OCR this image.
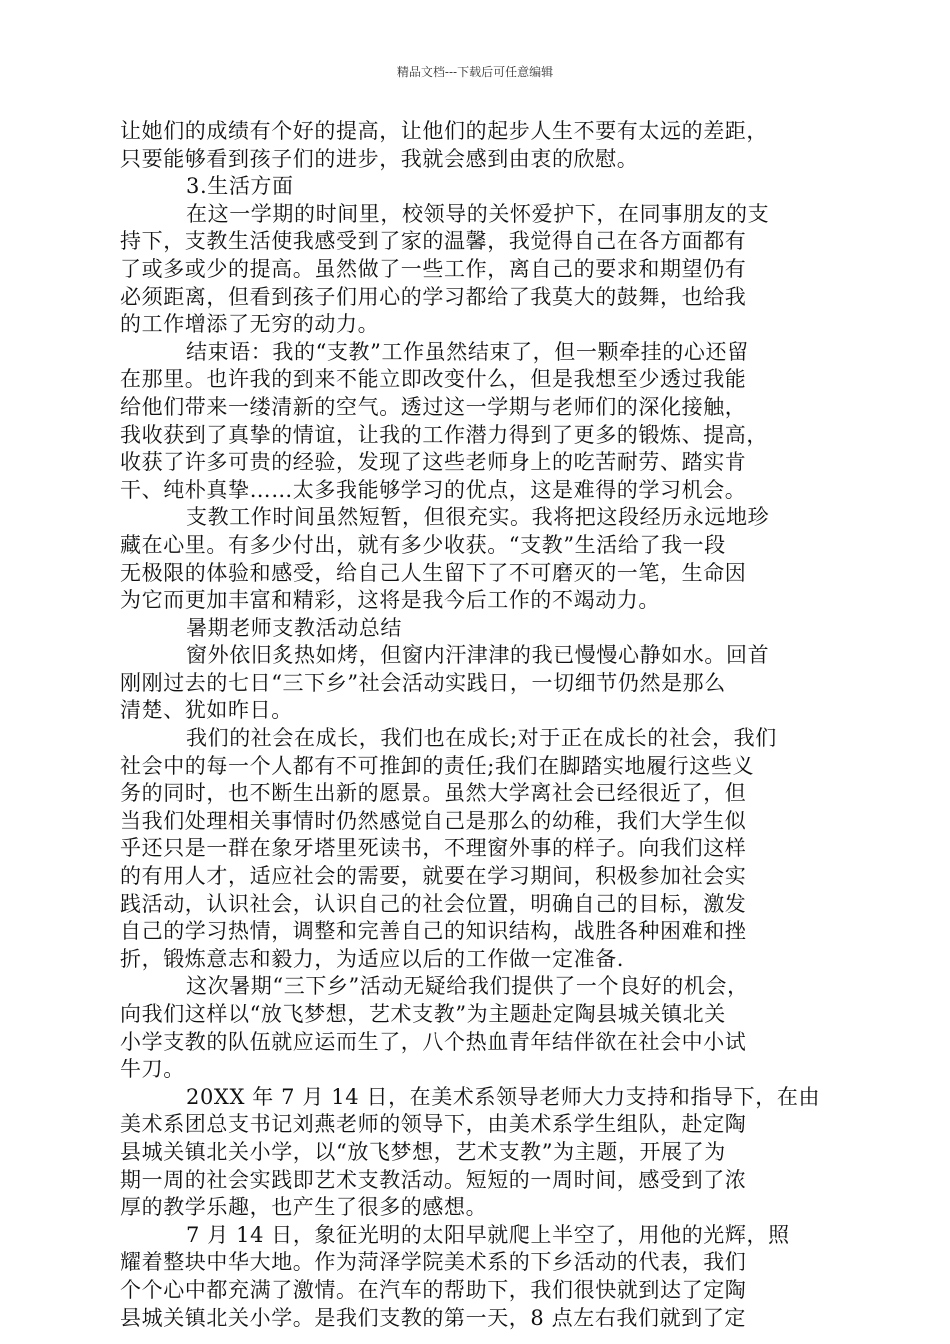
精品文档---下载后可任意编辑
让她们的成绩有个好的提高，让他们的起步人生不要有太远的差距，
只要能够看到孩子们的进步，我就会感到由衷的欣慰。
3.生活方面
在这一学期的时间里，校领导的关怀爱护下，在同事朋友的支
持下，支教生活使我感受到了家的温馨，我觉得自己在各方面都有
了或多或少的提高。虽然做了一些工作，离自己的要求和期望仍有
必须距离，但看到孩子们用心的学习都给了我莫大的鼓舞，也给我
的工作增添了无穷的动力。
结束语：我的“支教”工作虽然结束了，但一颗牵挂的心还留
在那里。也许我的到来不能立即改变什么，但是我想至少透过我能
给他们带来一缕清新的空气。透过这一学期与老师们的深化接触，
我收获到了真挚的情谊，让我的工作潜力得到了更多的锻炼、提高，
收获了许多可贵的经验，发现了这些老师身上的吃苦耐劳、踏实肯
干、纯朴真挚……太多我能够学习的优点，这是难得的学习机会。
支教工作时间虽然短暂，但很充实。我将把这段经历永远地珍
藏在心里。有多少付出，就有多少收获。“支教”生活给了我一段
无极限的体验和感受，给自己人生留下了不可磨灭的一笔，生命因
为它而更加丰富和精彩，这将是我今后工作的不竭动力。
暑期老师支教活动总结
窗外依旧炙热如烤，但窗内汗津津的我已慢慢心静如水。回首
刚刚过去的七日“三下乡”社会活动实践日，一切细节仍然是那么
清楚、犹如昨日。
我们的社会在成长，我们也在成长;对于正在成长的社会，我们
社会中的每一个人都有不可推卸的责任;我们在脚踏实地履行这些义
务的同时，也不断生出新的愿景。虽然大学离社会已经很近了，但
当我们处理相关事情时仍然感觉自己是那么的幼稚，我们大学生似
乎还只是一群在象牙塔里死读书，不理窗外事的样子。向我们这样
的有用人才，适应社会的需要，就要在学习期间，积极参加社会实
践活动，认识社会，认识自己的社会位置，明确自己的目标，激发
自己的学习热情，调整和完善自己的知识结构，战胜各种困难和挫
折，锻炼意志和毅力，为适应以后的工作做一定准备.
这次暑期“三下乡”活动无疑给我们提供了一个良好的机会，
向我们这样以“放飞梦想，艺术支教”为主题赴定陶县城关镇北关
小学支教的队伍就应运而生了，八个热血青年结伴欲在社会中小试
牛刀。
20XX 年 7 月 14 日，在美术系领导老师大力支持和指导下，在由
美术系团总支书记刘燕老师的领导下，由美术系学生组队，赴定陶
县城关镇北关小学，以“放飞梦想，艺术支教”为主题，开展了为
期一周的社会实践即艺术支教活动。短短的一周时间，感受到了浓
厚的教学乐趣，也产生了很多的感想。
7 月 14 日，象征光明的太阳早就爬上半空了，用他的光辉，照
耀着整块中华大地。作为菏泽学院美术系的下乡活动的代表，我们
个个心中都充满了激情。在汽车的帮助下，我们很快就到达了定陶
县城关镇北关小学。是我们支教的第一天，8 点左右我们就到了定
